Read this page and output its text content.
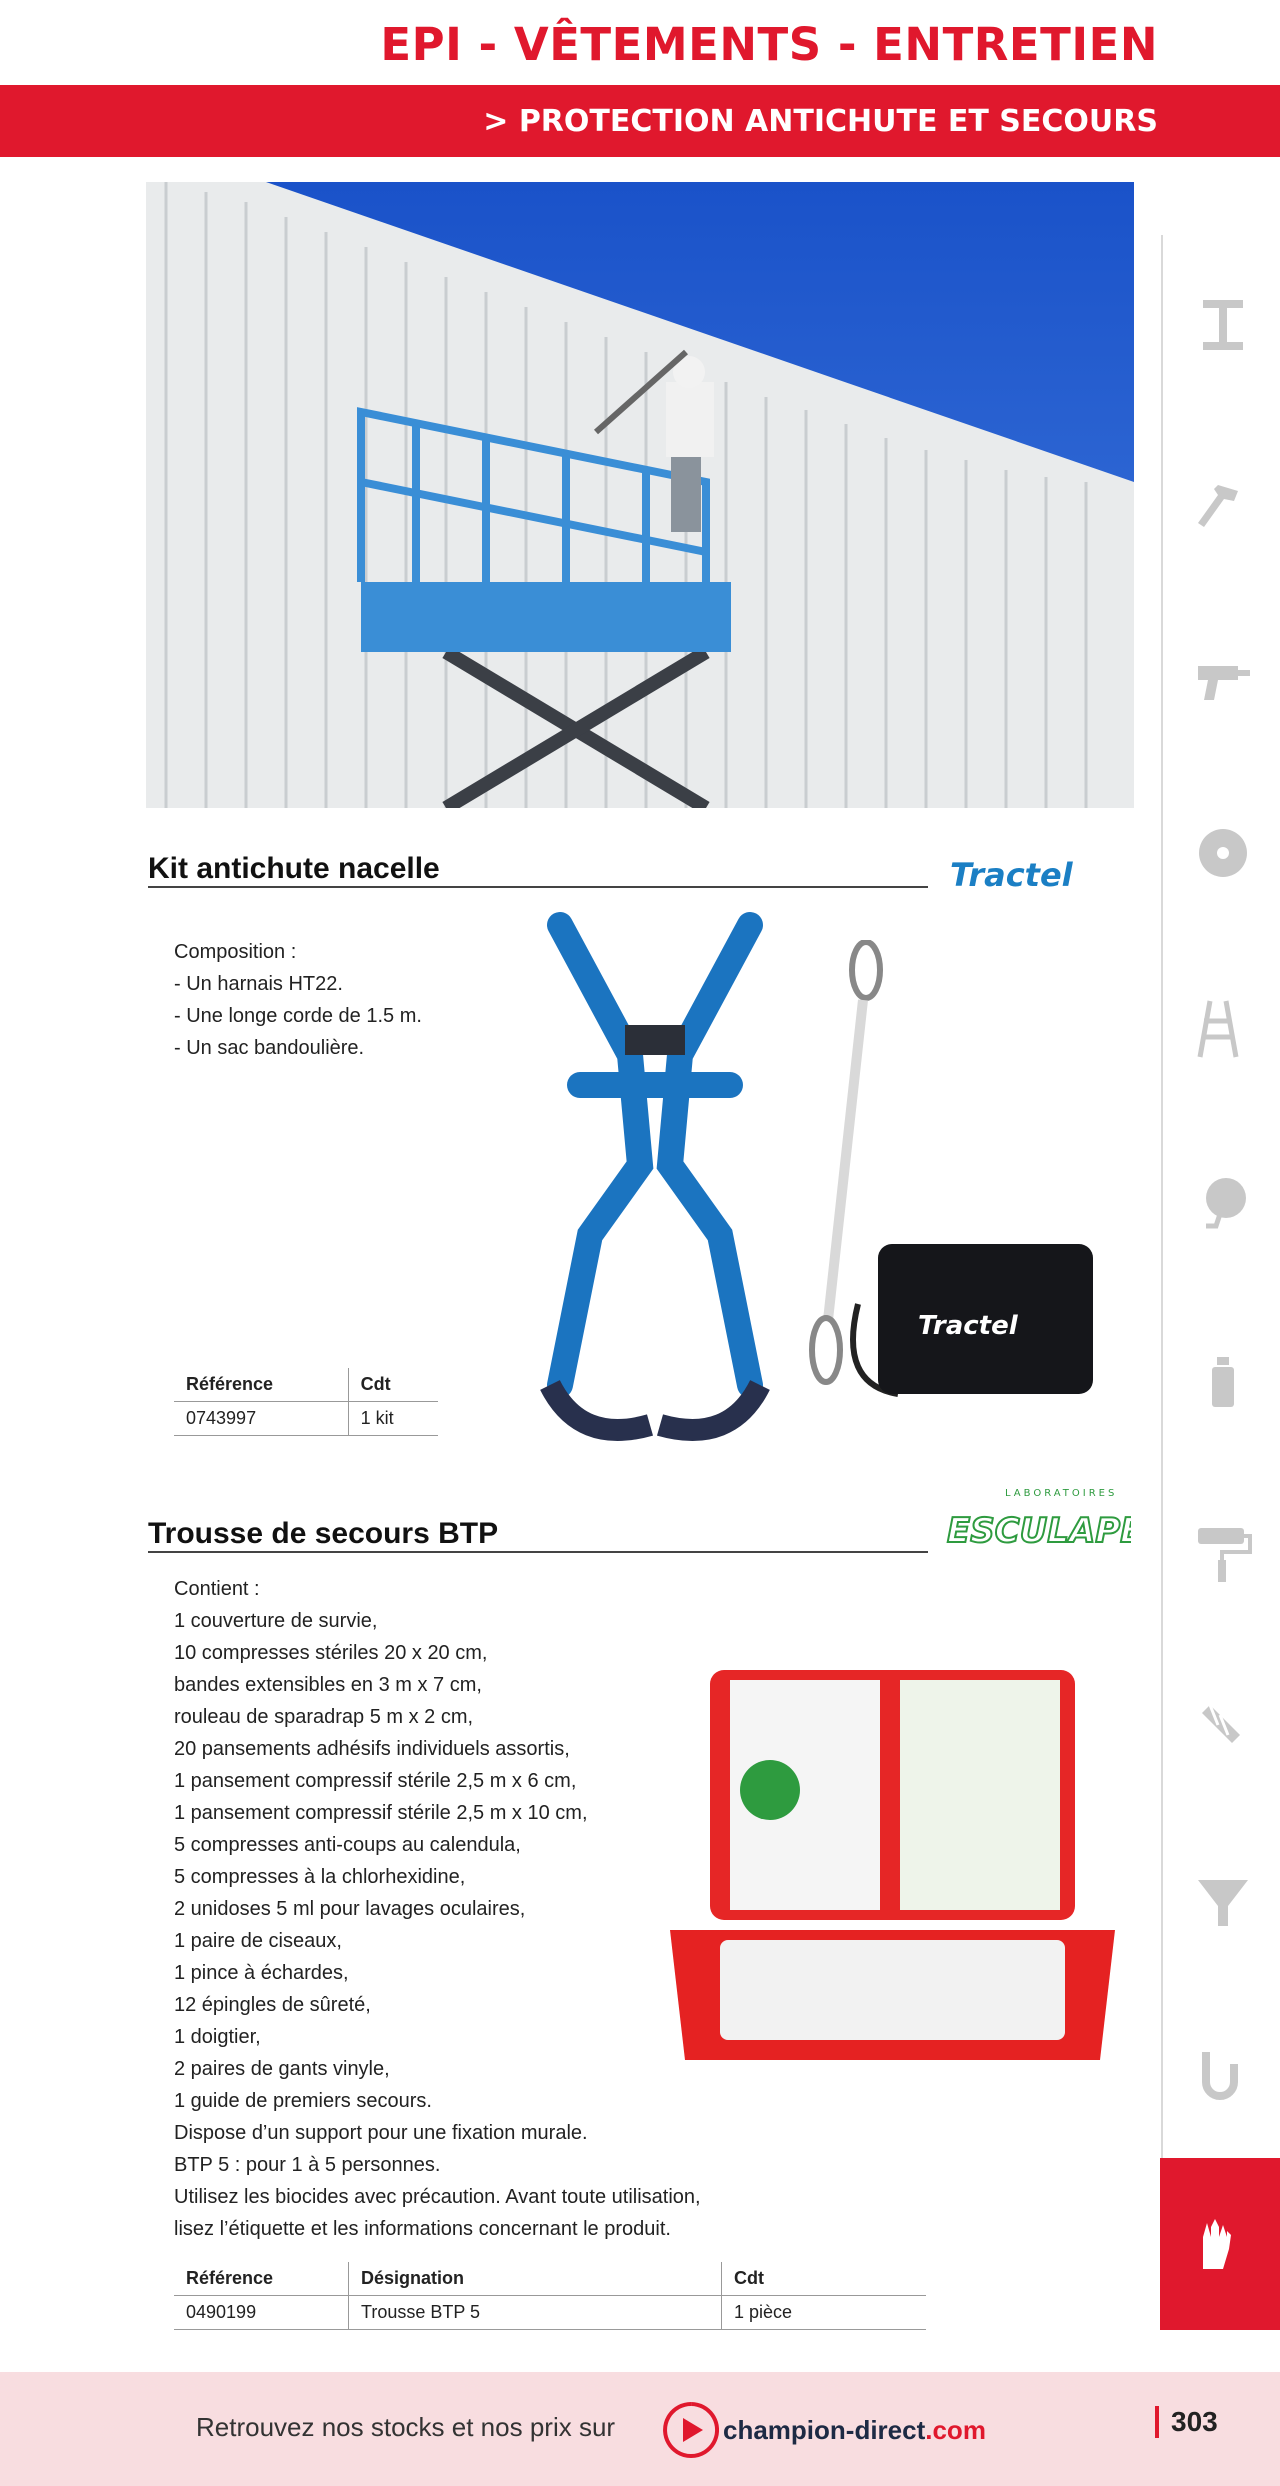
EPI - VÊTEMENTS - ENTRETIEN
> PROTECTION ANTICHUTE ET SECOURS
Kit antichute nacelle	Tractel
Composition :
- Un harnais HT22.
- Une longe corde de 1.5 m.
- Un sac bandoulière.
Tractel
Référence	Cdt
0743997	1 kit
Trousse de secours BTP
LABORATOIRES
ESCULAPE
Contient :
1 couverture de survie,
10 compresses stériles 20 x 20 cm,
bandes extensibles en 3 m x 7 cm,
rouleau de sparadrap 5 m x 2 cm,
20 pansements adhésifs individuels assortis,
1 pansement compressif stérile 2,5 m x 6 cm,
1 pansement compressif stérile 2,5 m x 10 cm,
5 compresses anti-coups au calendula,
5 compresses à la chlorhexidine,
2 unidoses 5 ml pour lavages oculaires,
1 paire de ciseaux,
1 pince à échardes,
12 épingles de sûreté,
1 doigtier,
2 paires de gants vinyle,
1 guide de premiers secours.
Dispose d’un support pour une fixation murale.
BTP 5 : pour 1 à 5 personnes.
Utilisez les biocides avec précaution. Avant toute utilisation,
lisez l’étiquette et les informations concernant le produit.
Référence	Désignation	Cdt
0490199	Trousse BTP 5	1 pièce
Retrouvez nos stocks et nos prix sur	champion-direct .com	303
